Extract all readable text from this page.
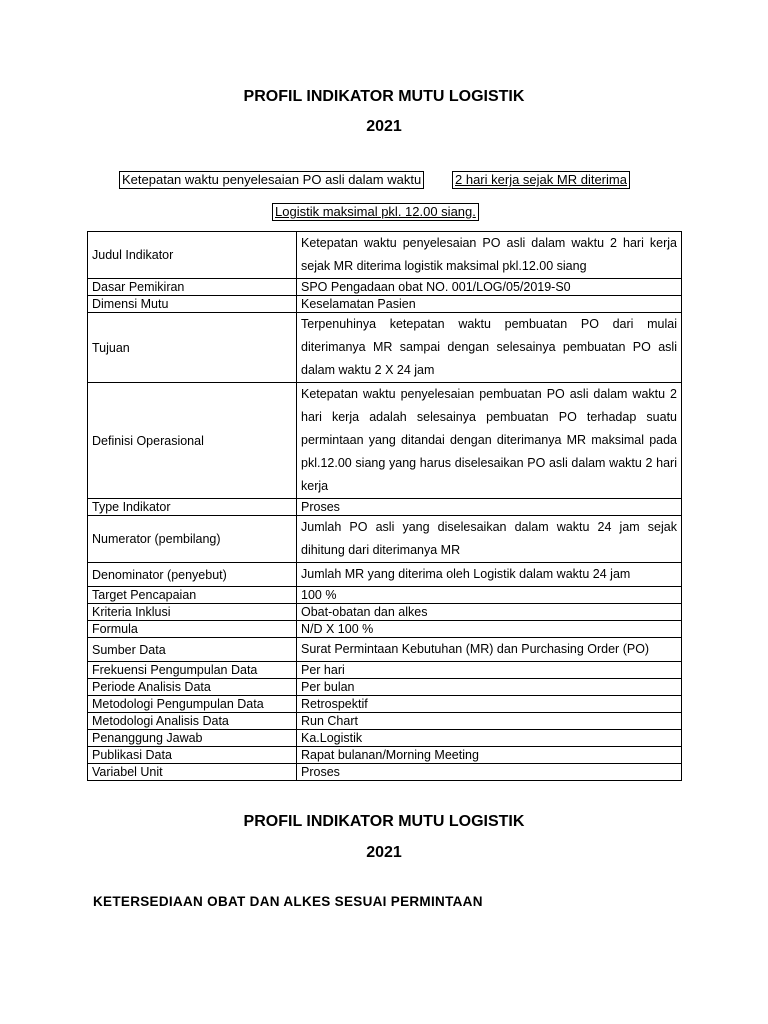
PROFIL INDIKATOR MUTU LOGISTIK
2021
Ketepatan waktu penyelesaian PO asli dalam waktu	2 hari kerja sejak MR diterima
Logistik maksimal pkl. 12.00 siang.
Judul Indikator	Ketepatan waktu penyelesaian PO asli dalam waktu 2 hari kerja sejak MR diterima logistik maksimal pkl.12.00 siang
Dasar Pemikiran	SPO Pengadaan obat NO. 001/LOG/05/2019-S0
Dimensi Mutu	Keselamatan Pasien
Tujuan	Terpenuhinya ketepatan waktu pembuatan PO dari mulai diterimanya MR sampai dengan selesainya pembuatan PO asli dalam waktu 2 X 24 jam
Definisi Operasional	Ketepatan waktu penyelesaian pembuatan PO asli dalam waktu 2 hari kerja adalah selesainya pembuatan PO terhadap suatu permintaan yang ditandai dengan diterimanya MR maksimal pada pkl.12.00 siang yang harus diselesaikan PO asli dalam waktu 2 hari kerja
Type Indikator	Proses
Numerator (pembilang)	Jumlah PO asli yang diselesaikan dalam waktu 24 jam sejak dihitung dari diterimanya MR
Denominator (penyebut)	Jumlah MR yang diterima oleh Logistik dalam waktu 24 jam
Target Pencapaian	100 %
Kriteria Inklusi	Obat-obatan dan alkes
Formula	N/D X 100 %
Sumber Data	Surat Permintaan Kebutuhan (MR) dan Purchasing Order (PO)
Frekuensi Pengumpulan Data	Per hari
Periode Analisis Data	Per bulan
Metodologi Pengumpulan Data	Retrospektif
Metodologi Analisis Data	Run Chart
Penanggung Jawab	Ka.Logistik
Publikasi Data	Rapat bulanan/Morning Meeting
Variabel Unit	Proses
PROFIL INDIKATOR MUTU LOGISTIK
2021
KETERSEDIAAN OBAT DAN ALKES SESUAI PERMINTAAN
